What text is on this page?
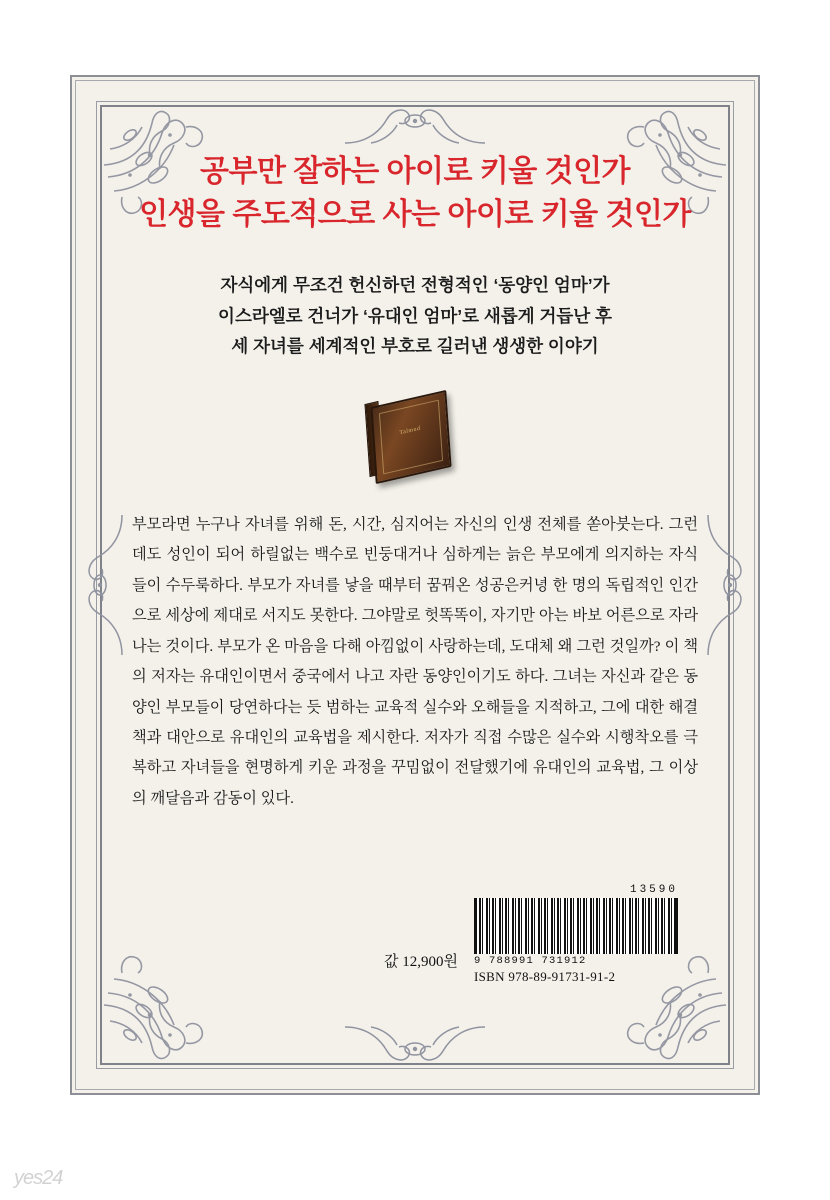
공부만 잘하는 아이로 키울 것인가
인생을 주도적으로 사는 아이로 키울 것인가
자식에게 무조건 헌신하던 전형적인 ‘동양인 엄마’가
이스라엘로 건너가 ‘유대인 엄마’로 새롭게 거듭난 후
세 자녀를 세계적인 부호로 길러낸 생생한 이야기
Talmud

부모라면 누구나 자녀를 위해 돈, 시간, 심지어는 자신의 인생 전체를 쏟아붓는다. 그런데도 성인이 되어 하릴없는 백수로 빈둥대거나 심하게는 늙은 부모에게 의지하는 자식들이 수두룩하다. 부모가 자녀를 낳을 때부터 꿈꿔온 성공은커녕 한 명의 독립적인 인간으로 세상에 제대로 서지도 못한다. 그야말로 헛똑똑이, 자기만 아는 바보 어른으로 자라나는 것이다. 부모가 온 마음을 다해 아낌없이 사랑하는데, 도대체 왜 그런 것일까? 이 책의 저자는 유대인이면서 중국에서 나고 자란 동양인이기도 하다. 그녀는 자신과 같은 동양인 부모들이 당연하다는 듯 범하는 교육적 실수와 오해들을 지적하고, 그에 대한 해결책과 대안으로 유대인의 교육법을 제시한다. 저자가 직접 수많은 실수와 시행착오를 극복하고 자녀들을 현명하게 키운 과정을 꾸밈없이 전달했기에 유대인의 교육법, 그 이상의 깨달음과 감동이 있다.

값 12,900원
13590
9 788991 731912
ISBN 978-89-91731-91-2
yes24
